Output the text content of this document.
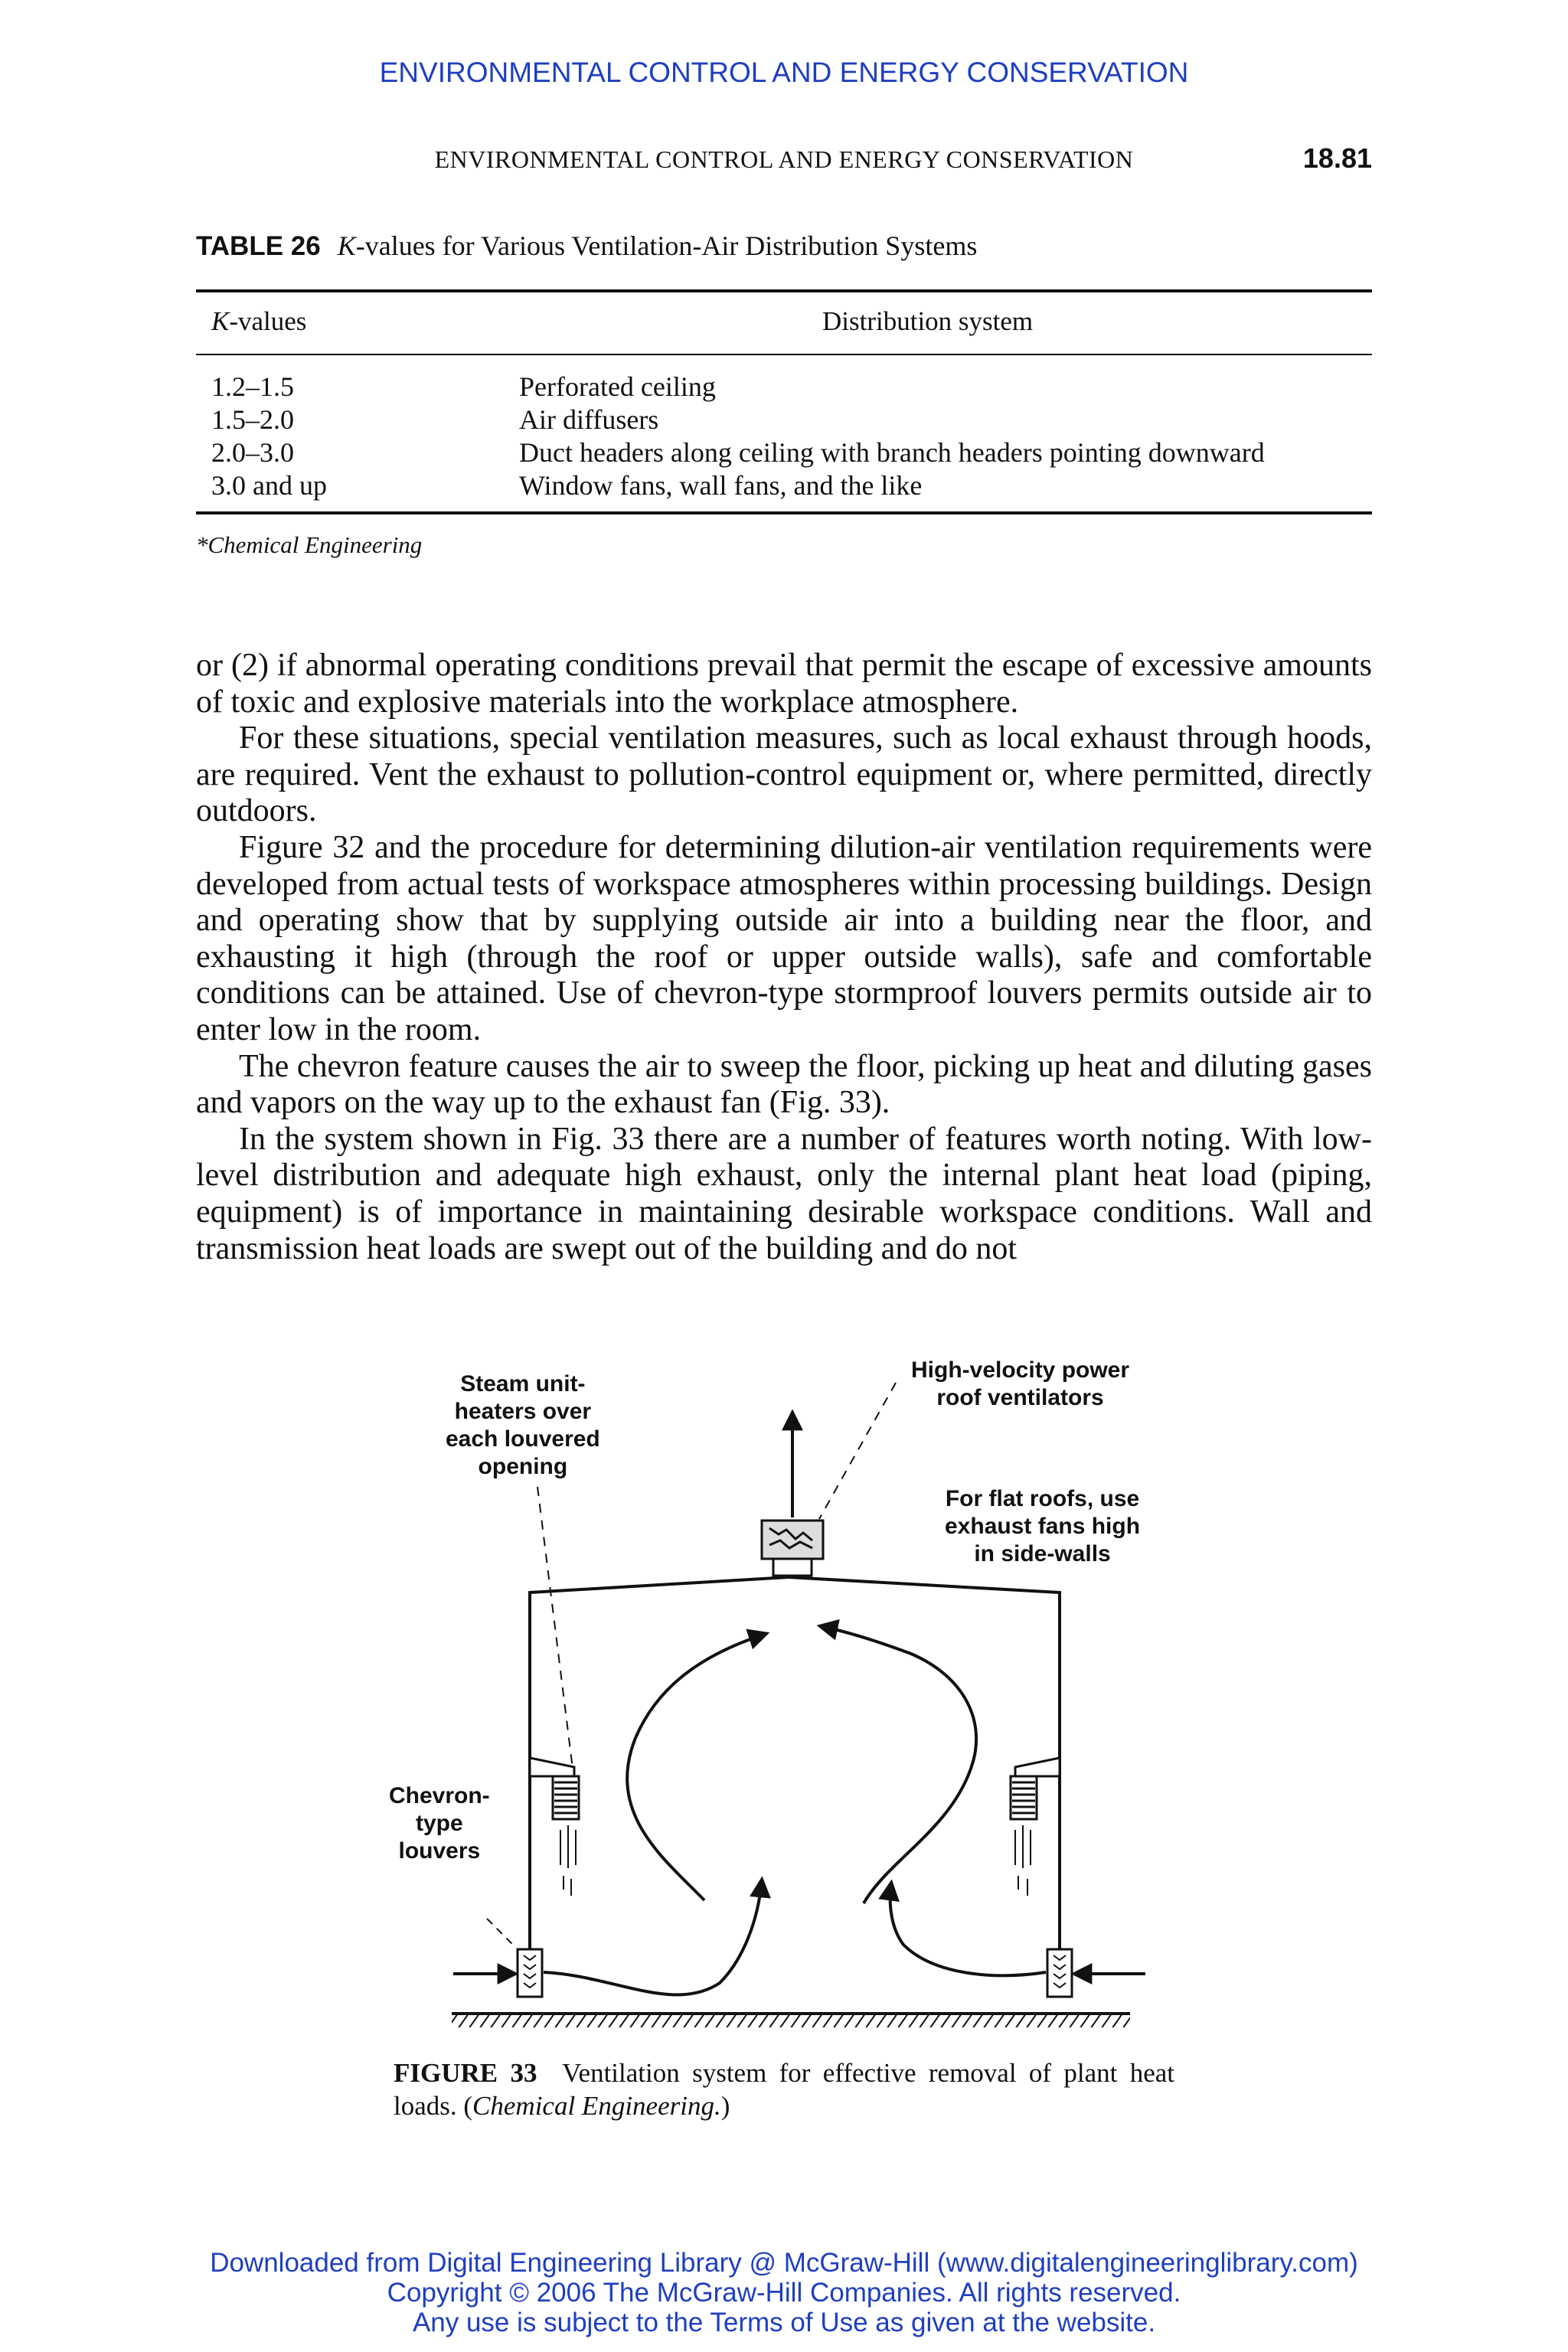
ENVIRONMENTAL CONTROL AND ENERGY CONSERVATION
ENVIRONMENTAL CONTROL AND ENERGY CONSERVATION	18.81
TABLE 26 K-values for Various Ventilation-Air Distribution Systems
K-values	Distribution system
1.2–1.5	Perforated ceiling
1.5–2.0	Air diffusers
2.0–3.0	Duct headers along ceiling with branch headers pointing downward
3.0 and up	Window fans, wall fans, and the like
*Chemical Engineering

or (2) if abnormal operating conditions prevail that permit the escape of excessive amounts of toxic and explosive materials into the workplace atmosphere.

For these situations, special ventilation measures, such as local exhaust through hoods, are required. Vent the exhaust to pollution-control equipment or, where permitted, directly outdoors.

Figure 32 and the procedure for determining dilution-air ventilation requirements were developed from actual tests of workspace atmospheres within processing buildings. Design and operating show that by supplying outside air into a building near the floor, and exhausting it high (through the roof or upper outside walls), safe and comfortable conditions can be attained. Use of chevron-type stormproof louvers permits outside air to enter low in the room.

The chevron feature causes the air to sweep the floor, picking up heat and diluting gases and vapors on the way up to the exhaust fan (Fig. 33).

In the system shown in Fig. 33 there are a number of features worth noting. With low-level distribution and adequate high exhaust, only the internal plant heat load (piping, equipment) is of importance in maintaining desirable workspace conditions. Wall and transmission heat loads are swept out of the building and do not

Steam unit-
heaters over
each louvered
opening
High-velocity power
roof ventilators
For flat roofs, use
exhaust fans high
in side-walls
Chevron-
type
louvers
FIGURE 33 Ventilation system for effective removal of plant heat loads. (Chemical Engineering.)
Downloaded from Digital Engineering Library @ McGraw-Hill (www.digitalengineeringlibrary.com)
Copyright © 2006 The McGraw-Hill Companies. All rights reserved.
Any use is subject to the Terms of Use as given at the website.
